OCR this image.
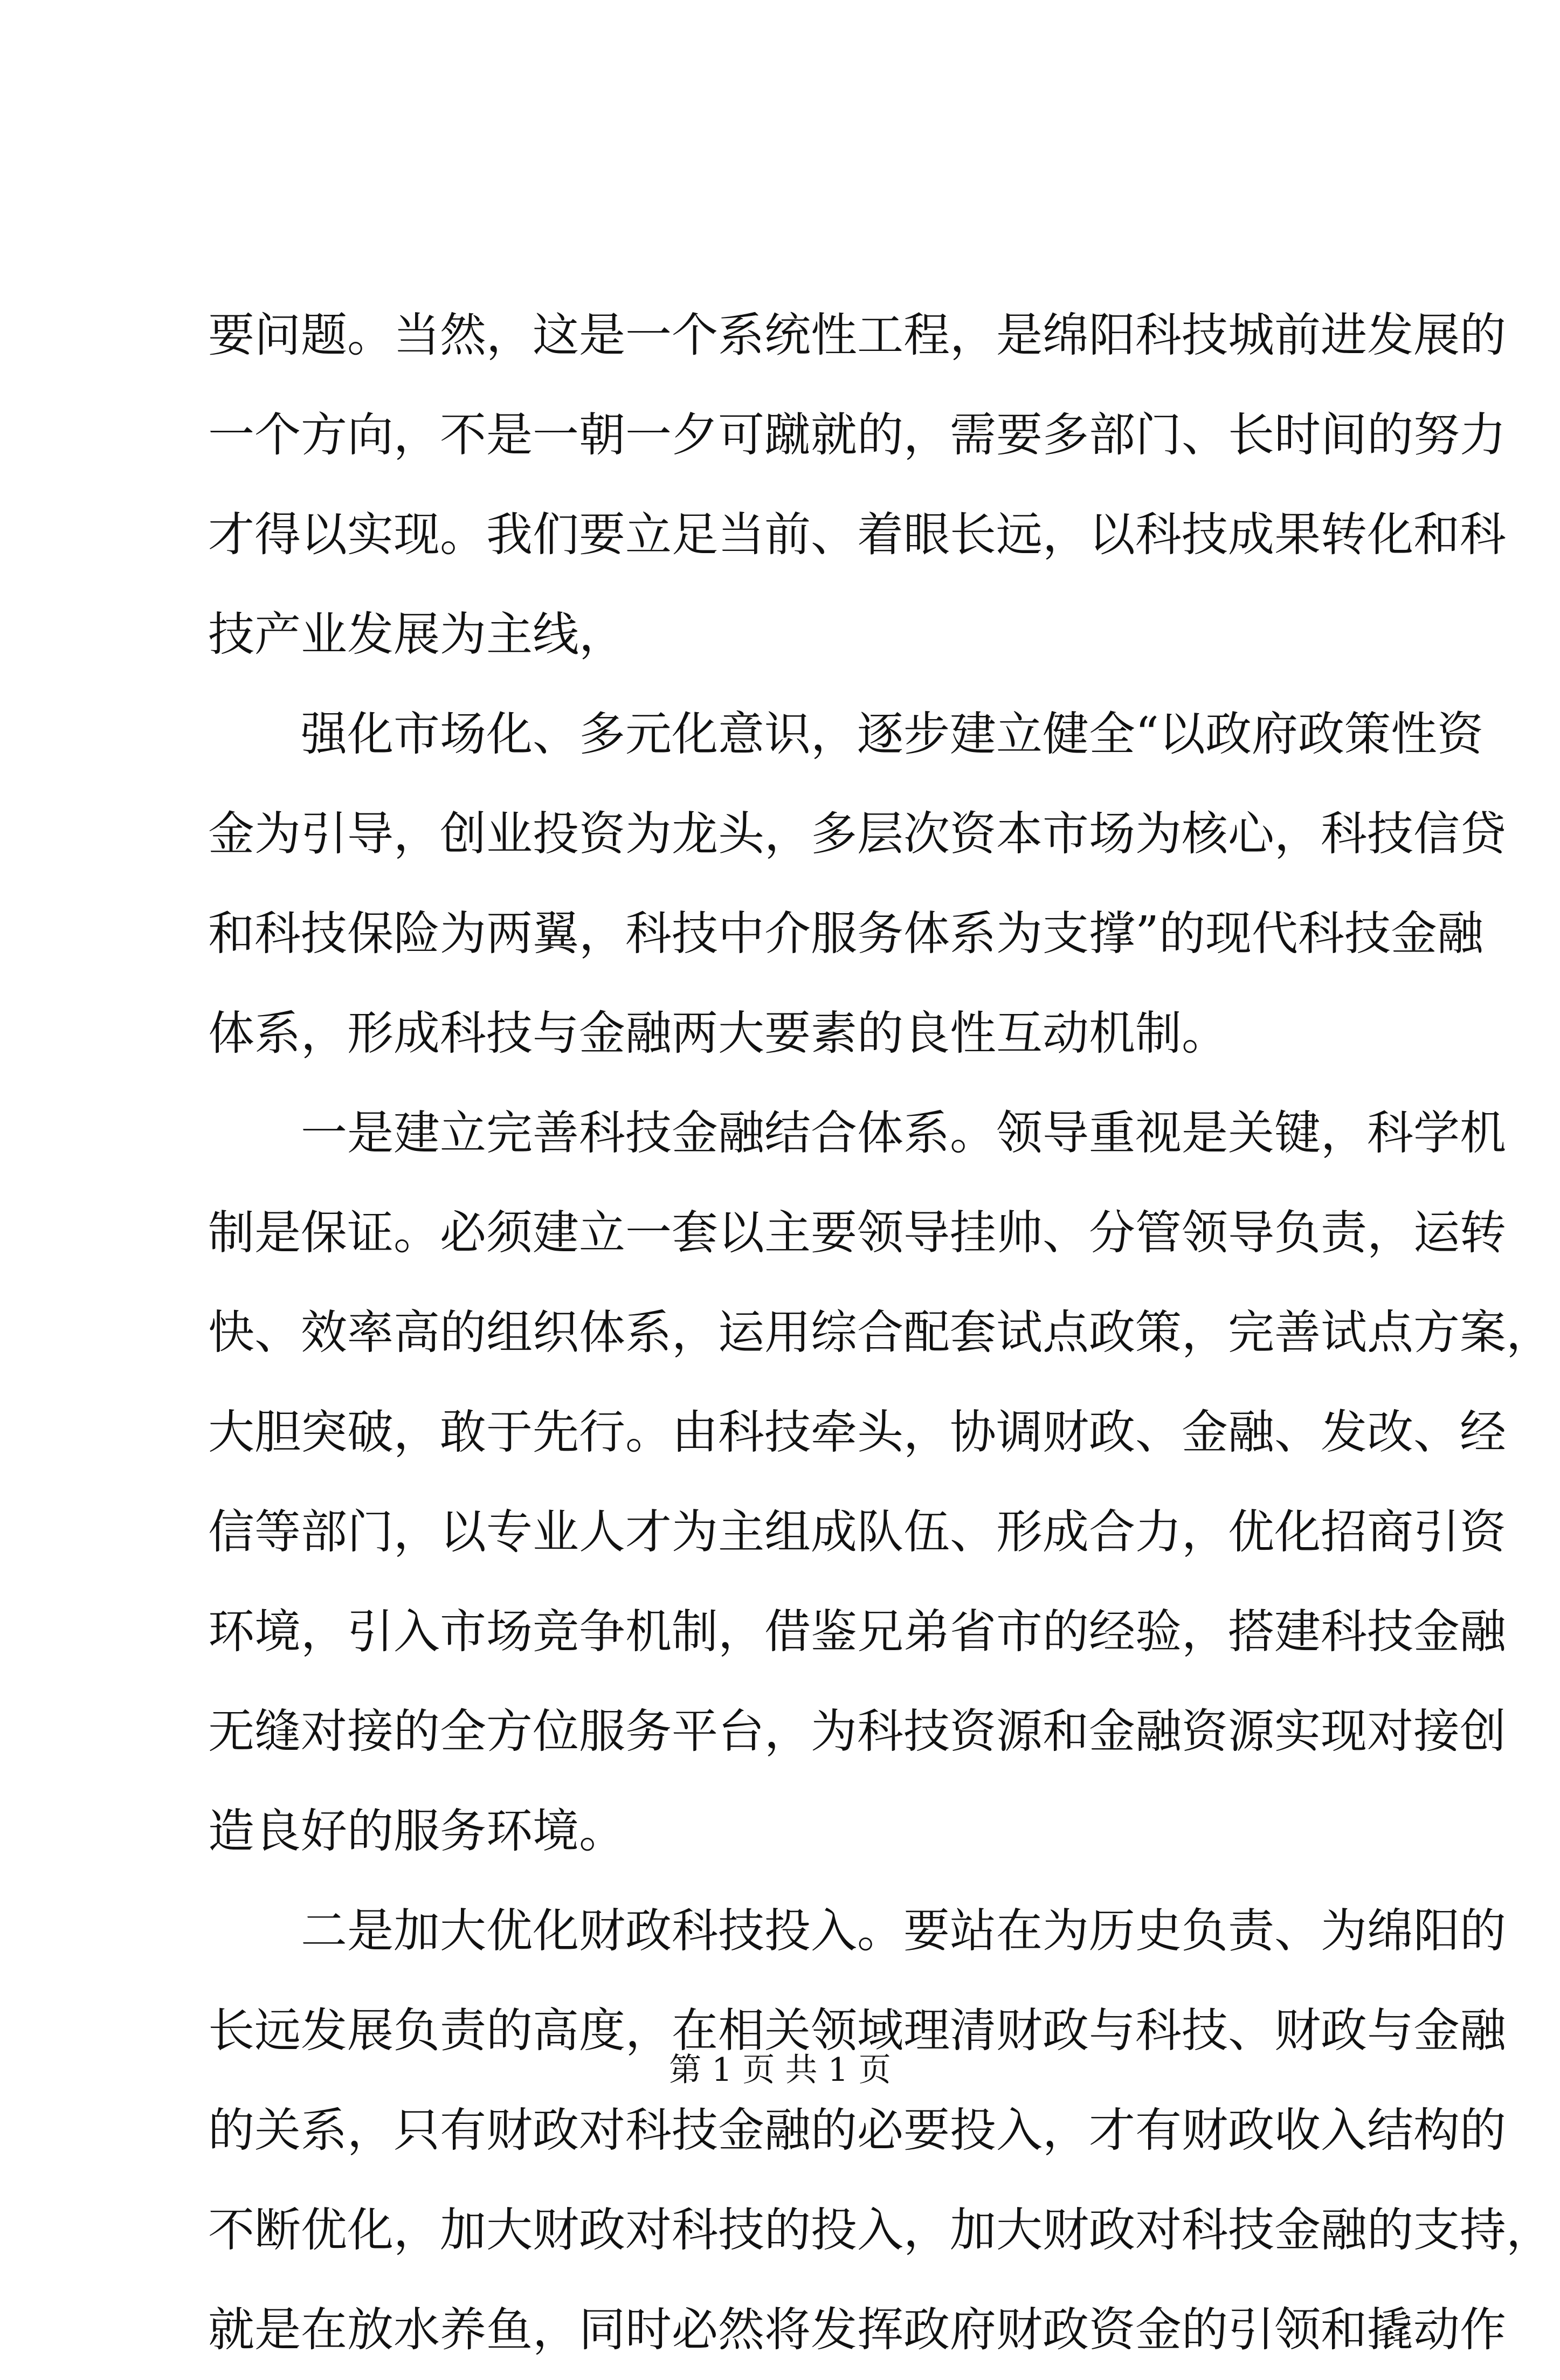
要问题。当然，这是一个系统性工程，是绵阳科技城前进发展的
一个方向，不是一朝一夕可蹴就的，需要多部门、长时间的努力
才得以实现。我们要立足当前、着眼长远，以科技成果转化和科
技产业发展为主线，
　　强化市场化、多元化意识，逐步建立健全“以政府政策性资
金为引导，创业投资为龙头，多层次资本市场为核心，科技信贷
和科技保险为两翼，科技中介服务体系为支撑”的现代科技金融
体系，形成科技与金融两大要素的良性互动机制。
　　一是建立完善科技金融结合体系。领导重视是关键，科学机
制是保证。必须建立一套以主要领导挂帅、分管领导负责，运转
快、效率高的组织体系，运用综合配套试点政策，完善试点方案，
大胆突破，敢于先行。由科技牵头，协调财政、金融、发改、经
信等部门，以专业人才为主组成队伍、形成合力，优化招商引资
环境，引入市场竞争机制，借鉴兄弟省市的经验，搭建科技金融
无缝对接的全方位服务平台，为科技资源和金融资源实现对接创
造良好的服务环境。
　　二是加大优化财政科技投入。要站在为历史负责、为绵阳的
长远发展负责的高度，在相关领域理清财政与科技、财政与金融
的关系，只有财政对科技金融的必要投入，才有财政收入结构的
不断优化，加大财政对科技的投入，加大财政对科技金融的支持，
就是在放水养鱼，同时必然将发挥政府财政资金的引领和撬动作
第 1 页 共 1 页
